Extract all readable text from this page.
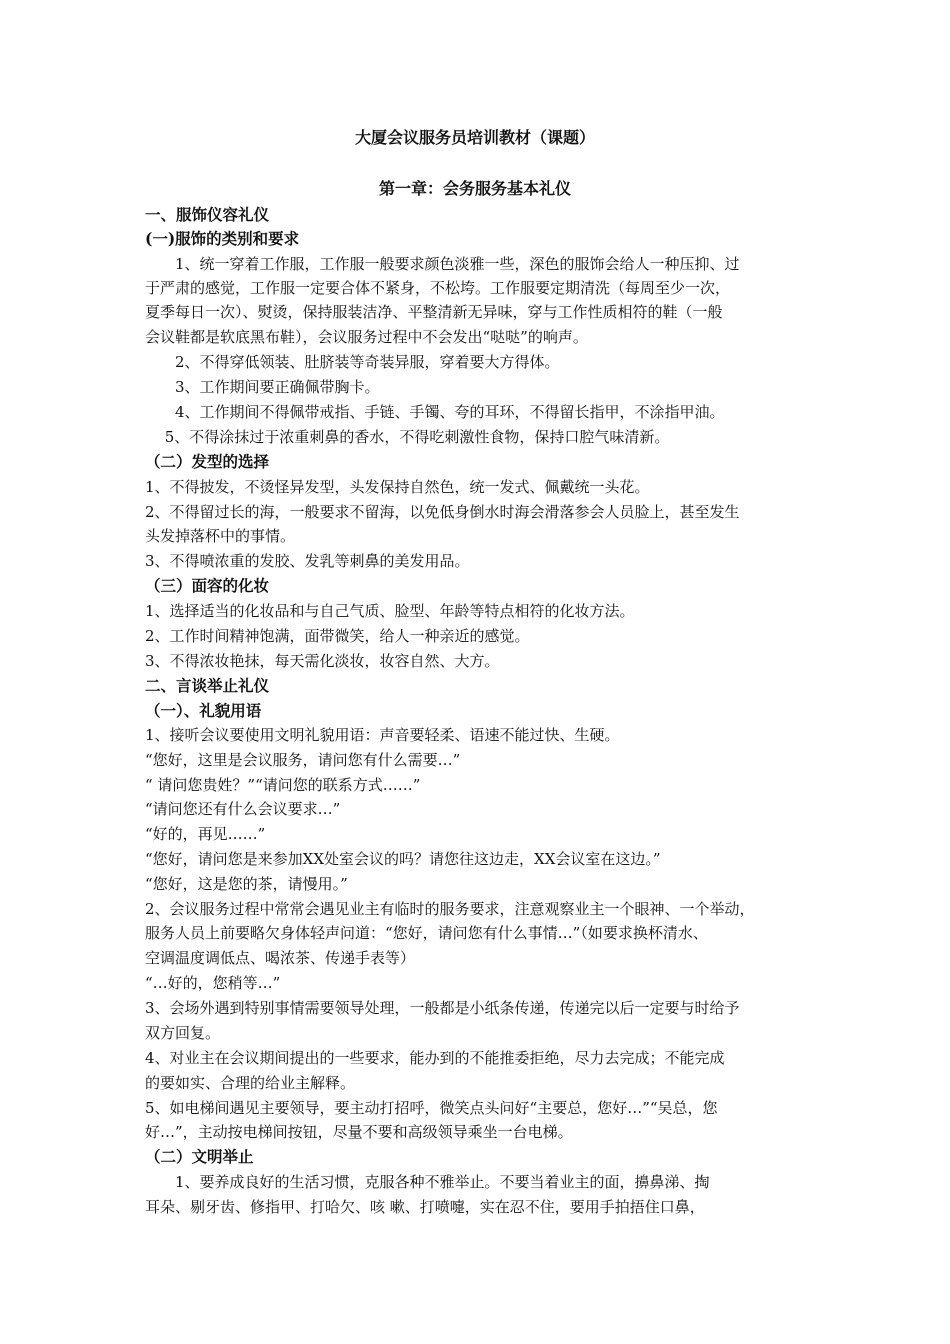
大厦会议服务员培训教材（课题）
第一章：会务服务基本礼仪
一、服饰仪容礼仪
(一)服饰的类别和要求
　　1、统一穿着工作服，工作服一般要求颜色淡雅一些，深色的服饰会给人一种压抑、过
于严肃的感觉，工作服一定要合体不紧身，不松垮。工作服要定期清洗（每周至少一次，
夏季每日一次）、熨烫，保持服装洁净、平整清新无异味，穿与工作性质相符的鞋（一般
会议鞋都是软底黑布鞋），会议服务过程中不会发出“哒哒”的响声。
　　2、不得穿低领装、肚脐装等奇装异服，穿着要大方得体。
　　3、工作期间要正确佩带胸卡。
　　4、工作期间不得佩带戒指、手链、手镯、夸的耳环，不得留长指甲，不涂指甲油。
　 5、不得涂抹过于浓重刺鼻的香水，不得吃刺激性食物，保持口腔气味清新。
（二）发型的选择
1、不得披发，不烫怪异发型，头发保持自然色，统一发式、佩戴统一头花。
2、不得留过长的海，一般要求不留海，以免低身倒水时海会滑落参会人员脸上，甚至发生
头发掉落杯中的事情。
3、不得喷浓重的发胶、发乳等刺鼻的美发用品。
（三）面容的化妆
1、选择适当的化妆品和与自己气质、脸型、年龄等特点相符的化妆方法。
2、工作时间精神饱满，面带微笑，给人一种亲近的感觉。
3、不得浓妆艳抹，每天需化淡妆，妆容自然、大方。
二、言谈举止礼仪
（一）、礼貌用语
1、接听会议要使用文明礼貌用语：声音要轻柔、语速不能过快、生硬。
“您好，这里是会议服务，请问您有什么需要…”
“ 请问您贵姓？”“请问您的联系方式……”
“请问您还有什么会议要求…”
“好的，再见……”
“您好，请问您是来参加XX处室会议的吗？请您往这边走，XX会议室在这边。”
“您好，这是您的茶，请慢用。”
2、会议服务过程中常常会遇见业主有临时的服务要求，注意观察业主一个眼神、一个举动，
服务人员上前要略欠身体轻声问道：“您好，请问您有什么事情…”（如要求换杯清水、
空调温度调低点、喝浓茶、传递手表等）
“…好的，您稍等…”
3、会场外遇到特别事情需要领导处理，一般都是小纸条传递，传递完以后一定要与时给予
双方回复。
4、对业主在会议期间提出的一些要求，能办到的不能推委拒绝，尽力去完成；不能完成
的要如实、合理的给业主解释。
5、如电梯间遇见主要领导，要主动打招呼，微笑点头问好“主要总，您好…”“吴总，您
好…”，主动按电梯间按钮，尽量不要和高级领导乘坐一台电梯。
（二）文明举止
　　1、要养成良好的生活习惯，克服各种不雅举止。不要当着业主的面，擤鼻涕、掏
耳朵、剔牙齿、修指甲、打哈欠、咳 嗽、打喷嚏，实在忍不住，要用手拍捂住口鼻，
